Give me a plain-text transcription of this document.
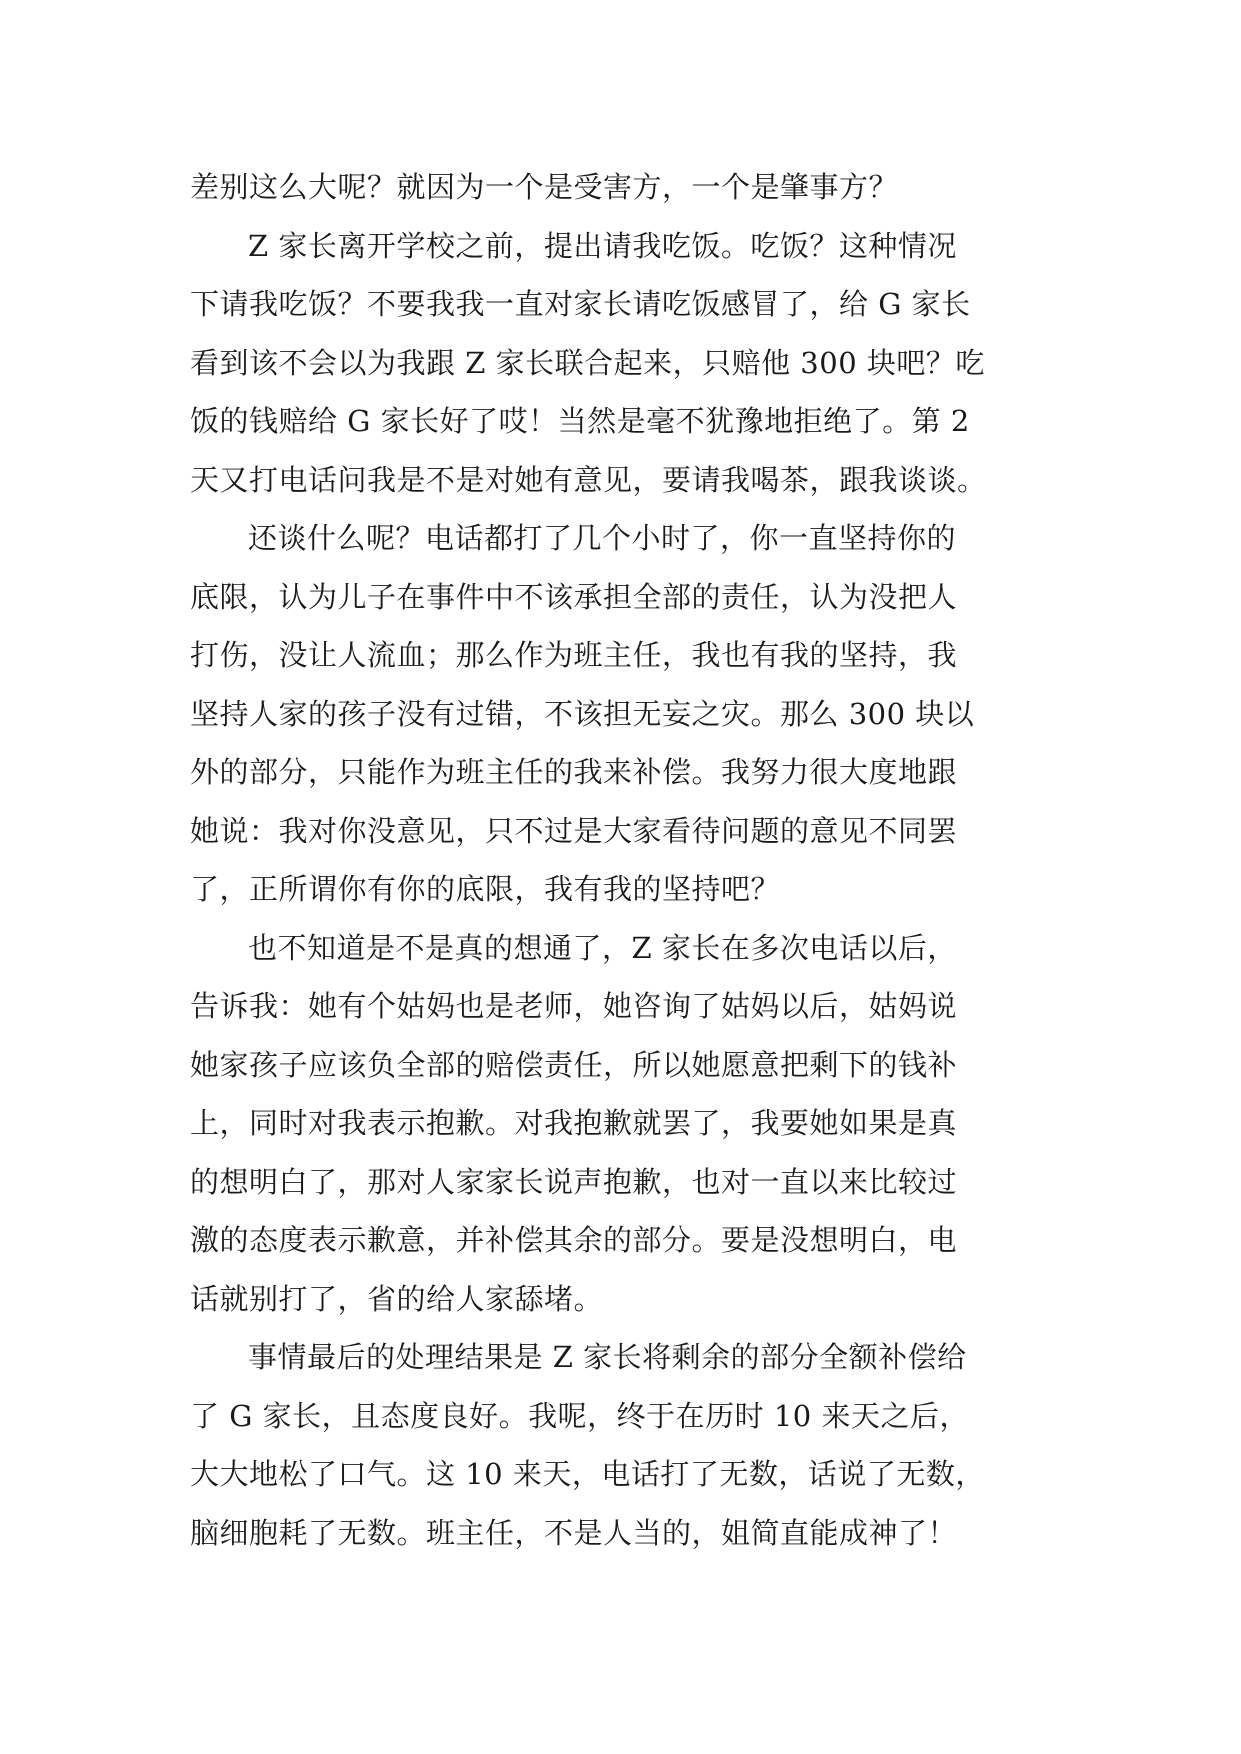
差别这么大呢？就因为一个是受害方，一个是肇事方？
Z 家长离开学校之前，提出请我吃饭。吃饭？这种情况
下请我吃饭？不要我我一直对家长请吃饭感冒了，给 G 家长
看到该不会以为我跟 Z 家长联合起来，只赔他 300 块吧？吃
饭的钱赔给 G 家长好了哎！当然是毫不犹豫地拒绝了。第 2
天又打电话问我是不是对她有意见，要请我喝茶，跟我谈谈。
还谈什么呢？电话都打了几个小时了，你一直坚持你的
底限，认为儿子在事件中不该承担全部的责任，认为没把人
打伤，没让人流血；那么作为班主任，我也有我的坚持，我
坚持人家的孩子没有过错，不该担无妄之灾。那么 300 块以
外的部分，只能作为班主任的我来补偿。我努力很大度地跟
她说：我对你没意见，只不过是大家看待问题的意见不同罢
了，正所谓你有你的底限，我有我的坚持吧？
也不知道是不是真的想通了，Z 家长在多次电话以后，
告诉我：她有个姑妈也是老师，她咨询了姑妈以后，姑妈说
她家孩子应该负全部的赔偿责任，所以她愿意把剩下的钱补
上，同时对我表示抱歉。对我抱歉就罢了，我要她如果是真
的想明白了，那对人家家长说声抱歉，也对一直以来比较过
激的态度表示歉意，并补偿其余的部分。要是没想明白，电
话就别打了，省的给人家舔堵。
事情最后的处理结果是 Z 家长将剩余的部分全额补偿给
了 G 家长，且态度良好。我呢，终于在历时 10 来天之后，
大大地松了口气。这 10 来天，电话打了无数，话说了无数，
脑细胞耗了无数。班主任，不是人当的，姐简直能成神了！
